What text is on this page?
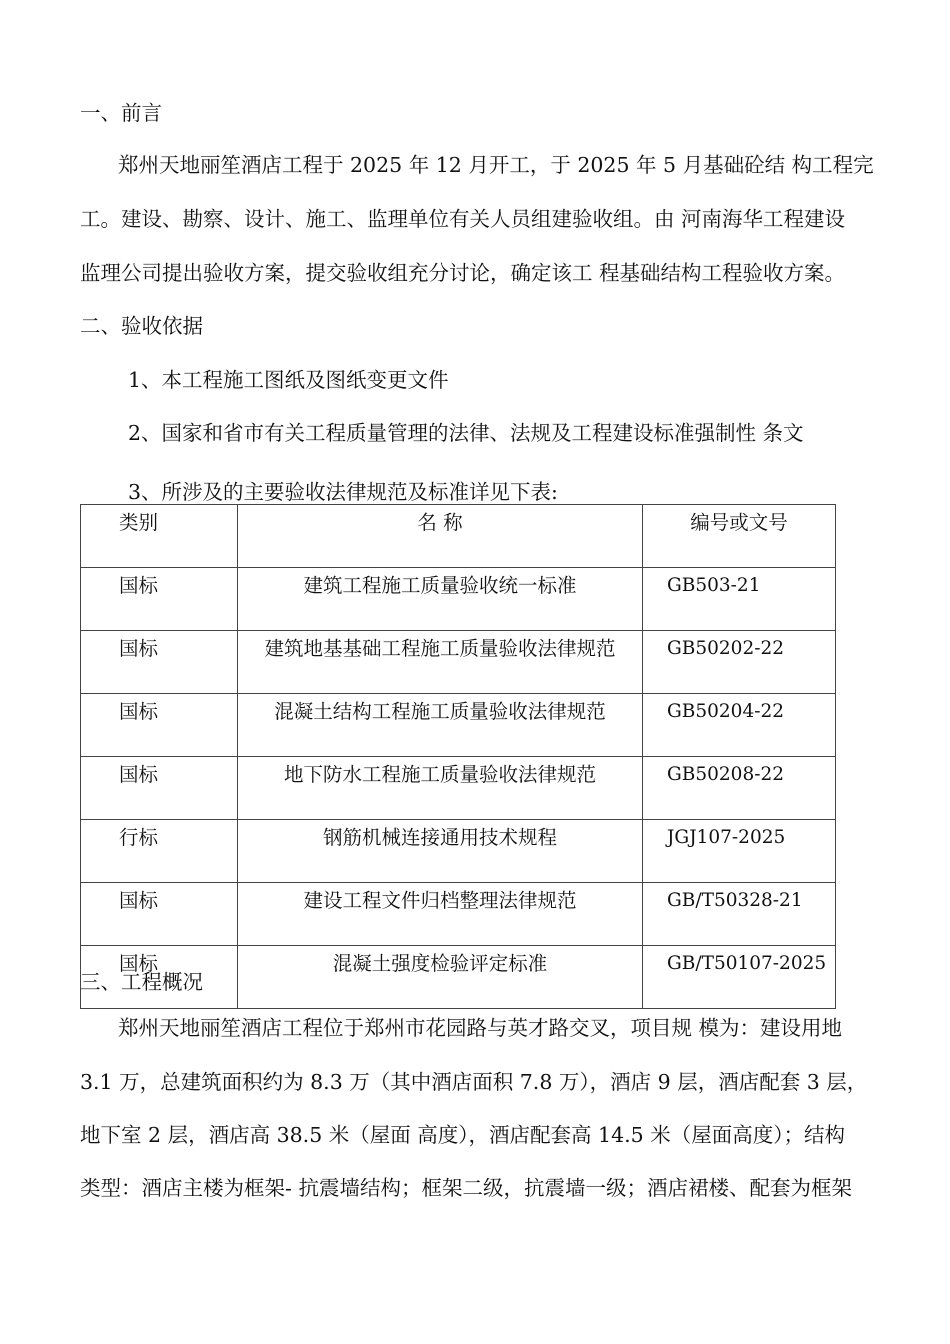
一、前言

郑州天地丽笙酒店工程于 2025 年 12 月开工，于 2025 年 5 月基础砼结 构工程完

工。建设、勘察、设计、施工、监理单位有关人员组建验收组。由 河南海华工程建设

监理公司提出验收方案，提交验收组充分讨论，确定该工 程基础结构工程验收方案。

二、验收依据

1、本工程施工图纸及图纸变更文件

2、国家和省市有关工程质量管理的法律、法规及工程建设标准强制性 条文

3、所涉及的主要验收法律规范及标准详见下表:

类别	名 称	编号或文号
国标	建筑工程施工质量验收统一标准	GB503-21
国标	建筑地基基础工程施工质量验收法律规范	GB50202-22
国标	混凝土结构工程施工质量验收法律规范	GB50204-22
国标	地下防水工程施工质量验收法律规范	GB50208-22
行标	钢筋机械连接通用技术规程	JGJ107-2025
国标	建设工程文件归档整理法律规范	GB/T50328-21
国标	混凝土强度检验评定标准	GB/T50107-2025

三、工程概况

郑州天地丽笙酒店工程位于郑州市花园路与英才路交叉，项目规 模为：建设用地

3.1 万，总建筑面积约为 8.3 万（其中酒店面积 7.8 万），酒店 9 层，酒店配套 3 层，

地下室 2 层，酒店高 38.5 米（屋面 高度），酒店配套高 14.5 米（屋面高度）；结构

类型：酒店主楼为框架- 抗震墙结构；框架二级，抗震墙一级；酒店裙楼、配套为框架
